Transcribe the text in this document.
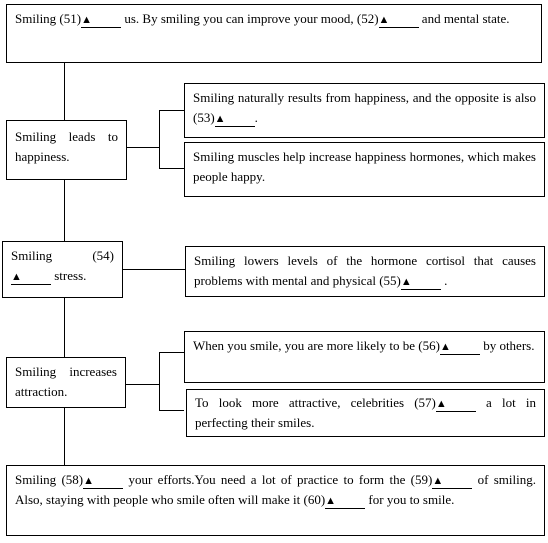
Smiling (51)▲ us. By smiling you can improve your mood, (52)▲ and mental state.
Smiling leads to happiness.
Smiling naturally results from happiness, and the opposite is also (53)▲ .
Smiling muscles help increase happiness hormones, which makes people happy.
Smiling (54)▲ stress.
Smiling lowers levels of the hormone cortisol that causes problems with mental and physical (55)▲ .
Smiling increases attraction.
When you smile, you are more likely to be (56)▲ by others.
To look more attractive, celebrities (57)▲ a lot in perfecting their smiles.
Smiling (58)▲ your efforts.You need a lot of practice to form the (59)▲ of smiling. Also, staying with people who smile often will make it (60)▲ for you to smile.
